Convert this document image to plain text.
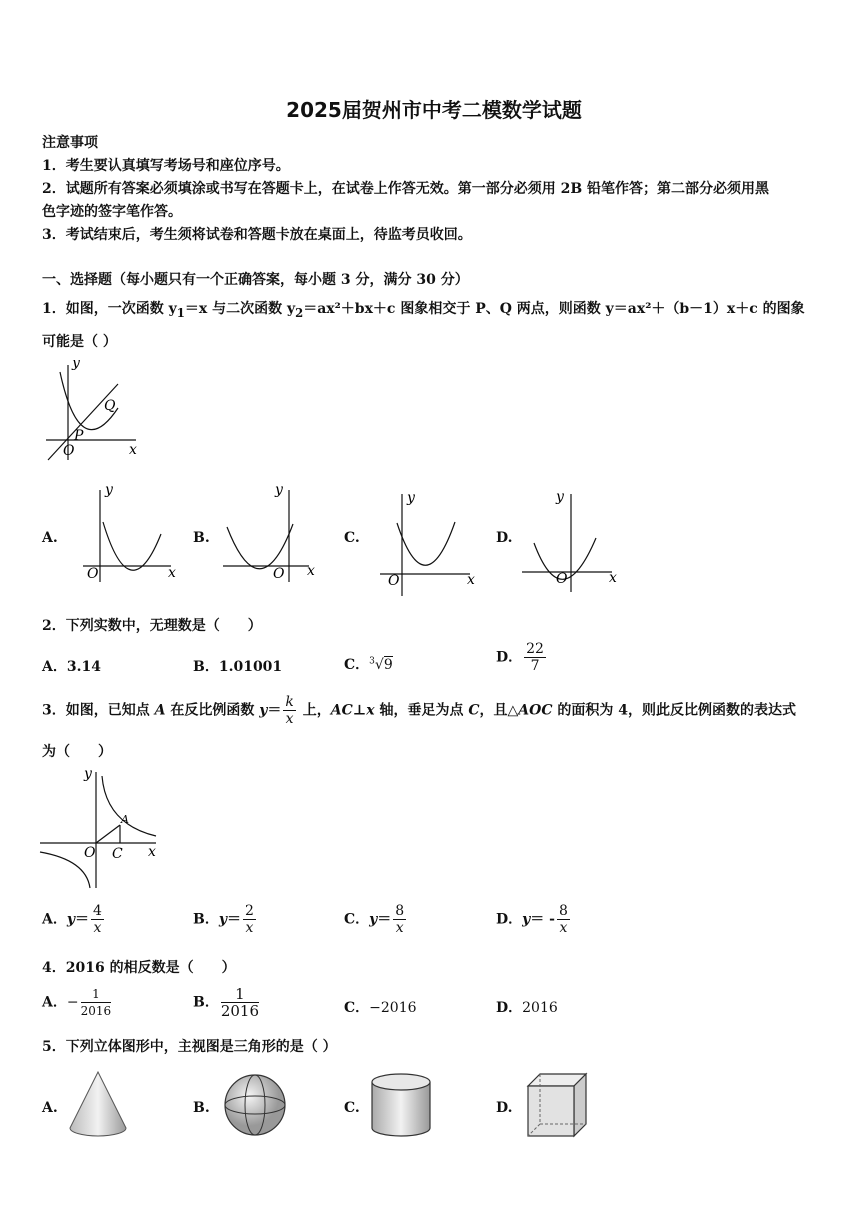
2025届贺州市中考二模数学试题
注意事项
1．考生要认真填写考场号和座位序号。
2．试题所有答案必须填涂或书写在答题卡上，在试卷上作答无效。第一部分必须用 2B 铅笔作答；第二部分必须用黑
色字迹的签字笔作答。
3．考试结束后，考生须将试卷和答题卡放在桌面上，待监考员收回。
一、选择题（每小题只有一个正确答案，每小题 3 分，满分 30 分）
1．如图，一次函数 $y_1=x$ 与二次函数 $y_2=ax^2+bx+c$ 图象相交于 P、Q 两点，则函数 y＝ax²＋（b－1）x＋c 的图象
可能是（ ）
y
x
O
P
Q
A.
y
x
O
B.
y
x
O
C.
y
x
O
D.
y
x
O
2．下列实数中，无理数是（　　）
A．3.14	B．1.01001	C．$^3$√9	D． $\frac{22}{7}$
3．如图，已知点 A 在反比例函数 $y= \frac{k}{x}$ 上，AC⊥x 轴，垂足为点 C，且△AOC 的面积为 4，则此反比例函数的表达式
为（　　）
y
x
O C
A
A．$y= \frac{4}{x}$	B．$y= \frac{2}{x}$	C．$y= \frac{8}{x}$	D．$y= - \frac{8}{x}$
4．2016 的相反数是（　　）
A．− $\frac{1}{2016}$	B． $\frac{1}{2016}$	C．−2016	D．2016
5．下列立体图形中，主视图是三角形的是（ ）
A.	B.	C.	D.
